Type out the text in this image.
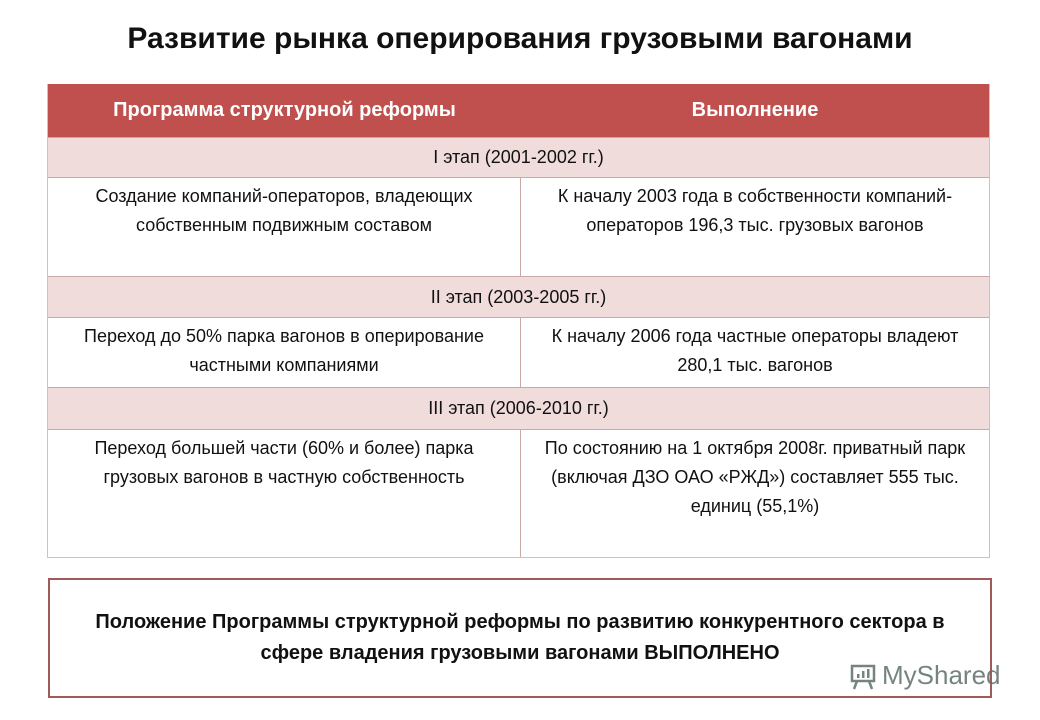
Развитие рынка оперирования грузовыми вагонами
Программа структурной реформы	Выполнение
I этап (2001-2002 гг.)
Создание компаний-операторов, владеющих собственным подвижным составом
К началу 2003 года в собственности компаний-операторов 196,3 тыс. грузовых вагонов
II этап (2003-2005 гг.)
Переход до 50% парка вагонов в оперирование частными компаниями
К началу 2006 года частные операторы владеют 280,1 тыс. вагонов
III этап (2006-2010 гг.)
Переход большей части (60% и более) парка грузовых вагонов в частную собственность
По состоянию на 1 октября 2008г. приватный парк (включая ДЗО ОАО «РЖД») составляет 555 тыс. единиц (55,1%)
Положение Программы структурной реформы по развитию конкурентного сектора в сфере владения грузовыми вагонами ВЫПОЛНЕНО
MyShared
